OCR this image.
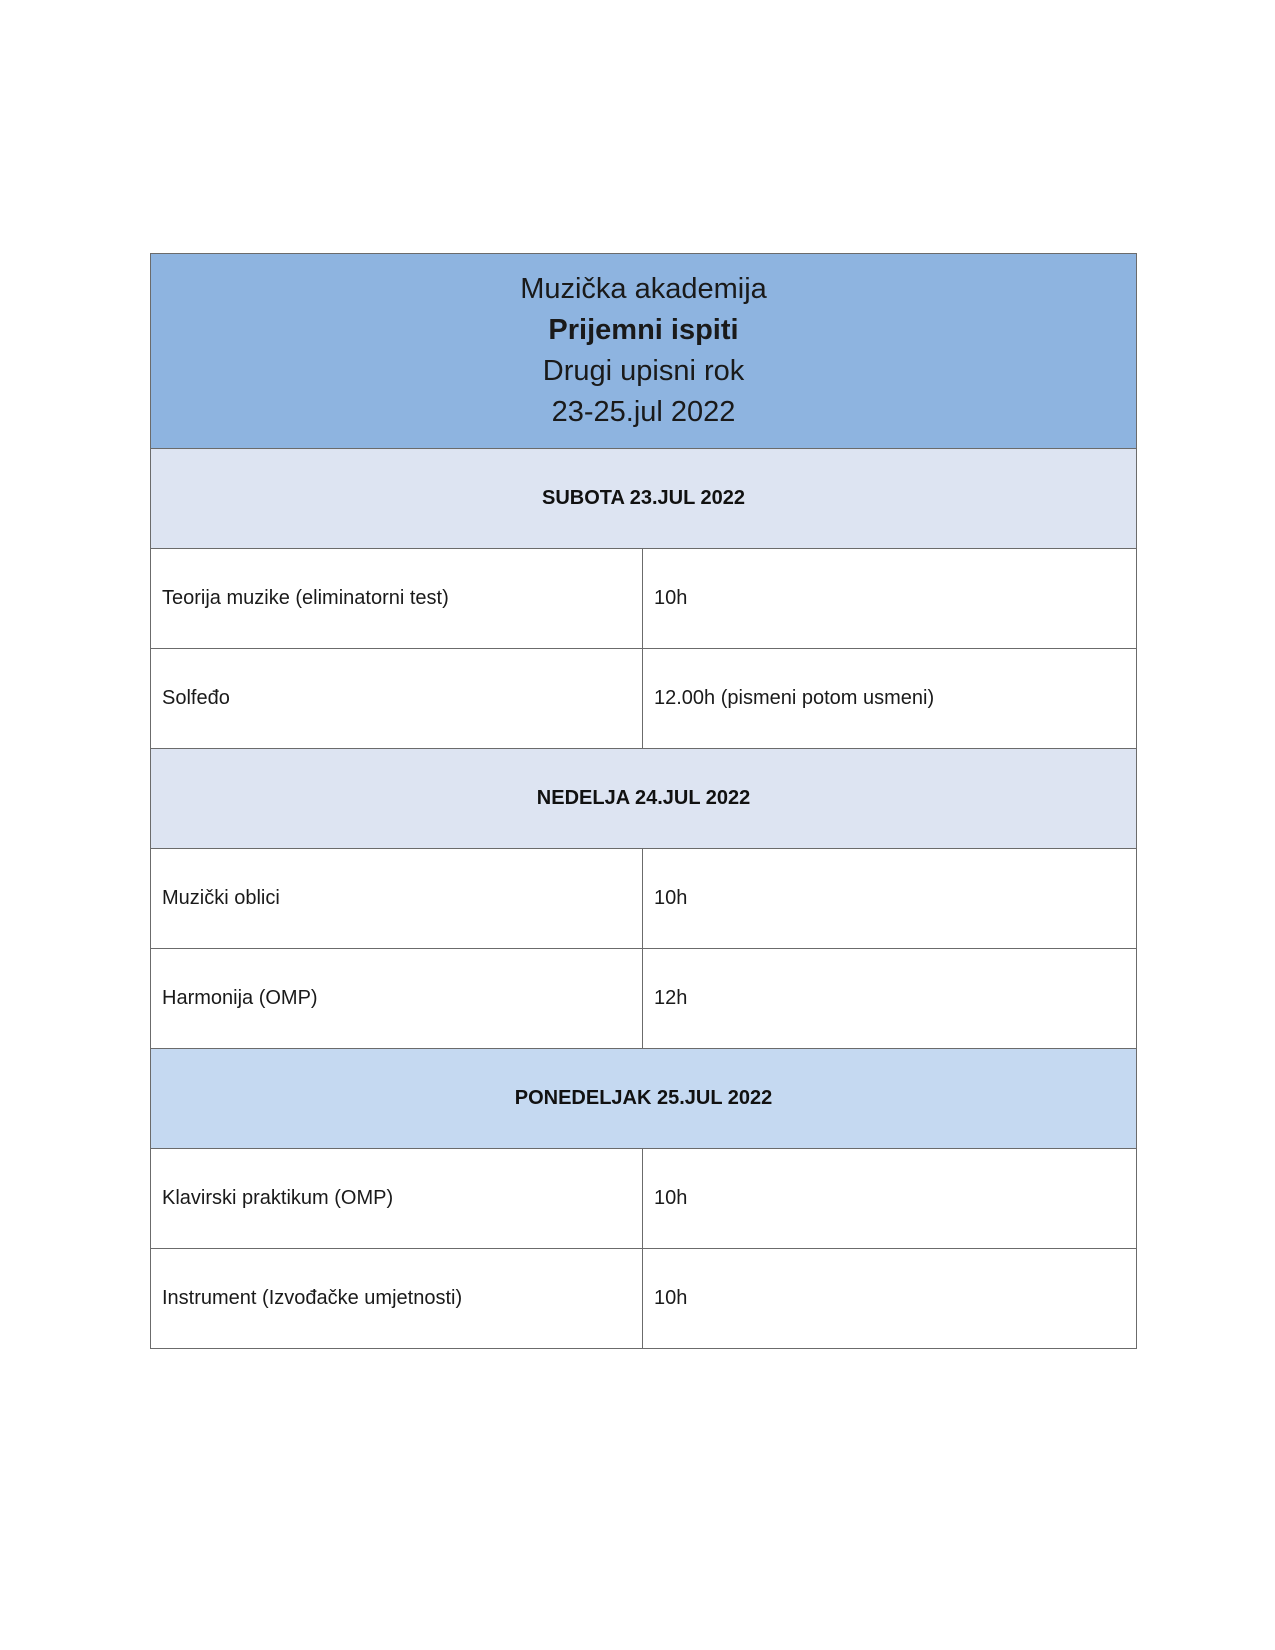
Muzička akademija
Prijemni ispiti
Drugi upisni rok
23-25.jul 2022	

SUBOTA 23.JUL 2022	
Teorija muzike (eliminatorni test)	10h
Solfeđo	12.00h (pismeni potom usmeni)
NEDELJA 24.JUL 2022	
Muzički oblici	10h
Harmonija (OMP)	12h
PONEDELJAK 25.JUL 2022	
Klavirski praktikum (OMP)	10h
Instrument (Izvođačke umjetnosti)	10h
